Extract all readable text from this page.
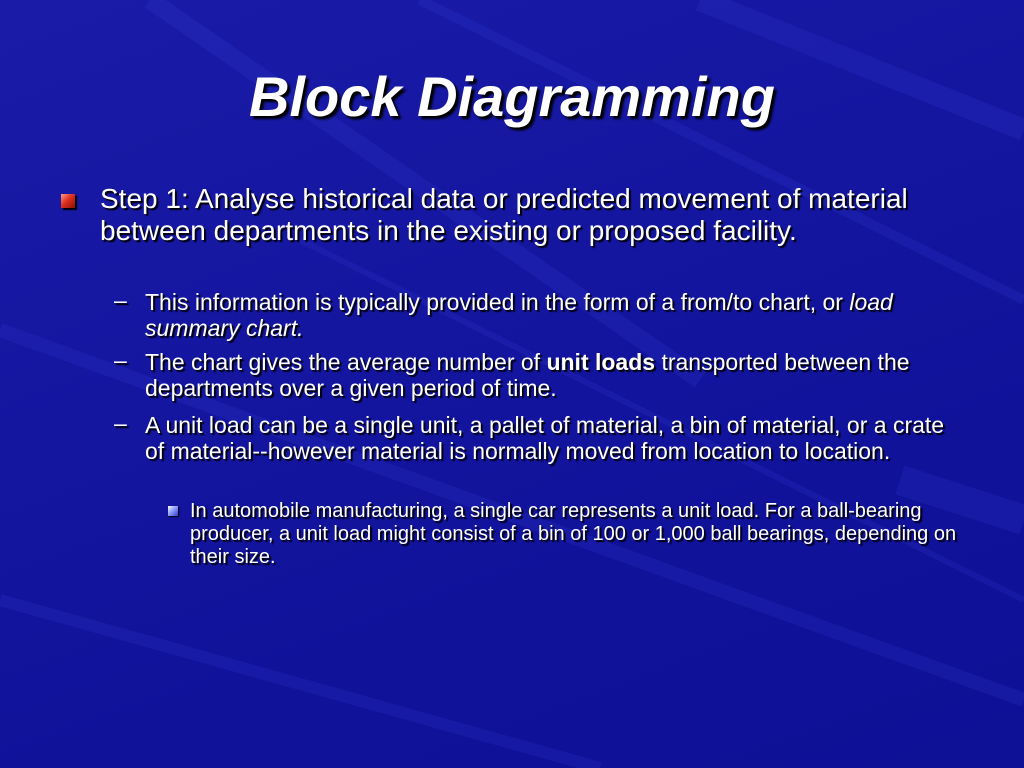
Block Diagramming
Step 1: Analyse historical data or predicted movement of material between departments in the existing or proposed facility.
– This information is typically provided in the form of a from/to chart, or load summary chart.
– The chart gives the average number of unit loads transported between the departments over a given period of time.
– A unit load can be a single unit, a pallet of material, a bin of material, or a crate of material--however material is normally moved from location to location.
In automobile manufacturing, a single car represents a unit load. For a ball-bearing producer, a unit load might consist of a bin of 100 or 1,000 ball bearings, depending on their size.
